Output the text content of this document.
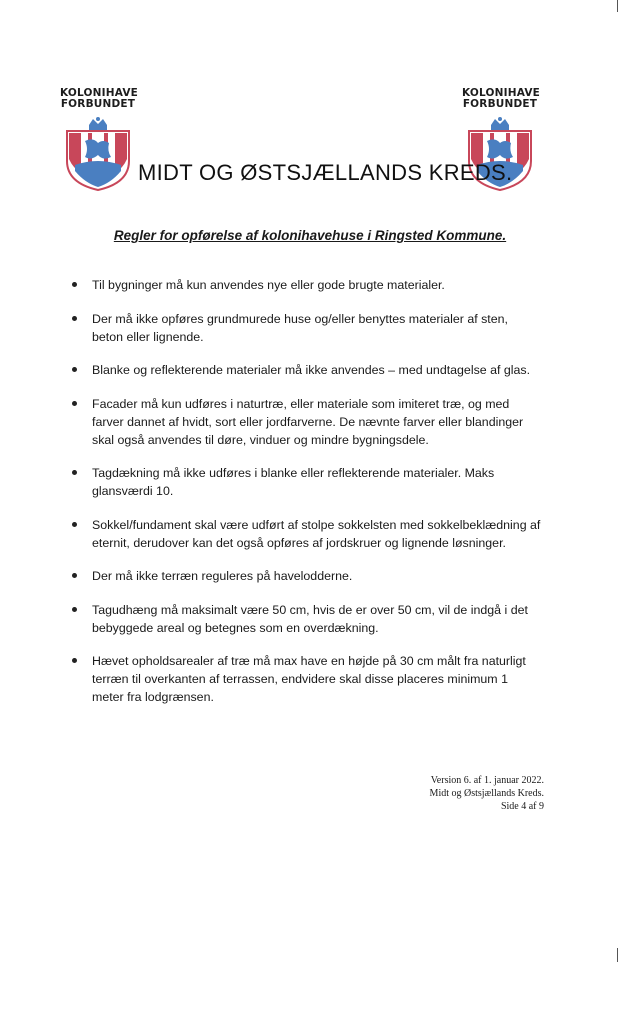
KOLONIHAVE
FORBUNDET
KOLONIHAVE
FORBUNDET
MIDT OG ØSTSJÆLLANDS KREDS.
Regler for opførelse af kolonihavehuse i Ringsted Kommune.
Til bygninger må kun anvendes nye eller gode brugte materialer.
Der må ikke opføres grundmurede huse og/eller benyttes materialer af sten, beton eller lignende.
Blanke og reflekterende materialer må ikke anvendes – med undtagelse af glas.
Facader må kun udføres i naturtræ, eller materiale som imiteret træ, og med farver dannet af hvidt, sort eller jordfarverne. De nævnte farver eller blandinger skal også anvendes til døre, vinduer og mindre bygningsdele.
Tagdækning må ikke udføres i blanke eller reflekterende materialer. Maks glansværdi 10.
Sokkel/fundament skal være udført af stolpe sokkelsten med sokkelbeklædning af eternit, derudover kan det også opføres af jordskruer og lignende løsninger.
Der må ikke terræn reguleres på havelodderne.
Tagudhæng må maksimalt være 50 cm, hvis de er over 50 cm, vil de indgå i det bebyggede areal og betegnes som en overdækning.
Hævet opholdsarealer af træ må max have en højde på 30 cm målt fra naturligt terræn til overkanten af terrassen, endvidere skal disse placeres minimum 1 meter fra lodgrænsen.
Version 6. af 1. januar 2022.
Midt og Østsjællands Kreds.
Side 4 af 9
